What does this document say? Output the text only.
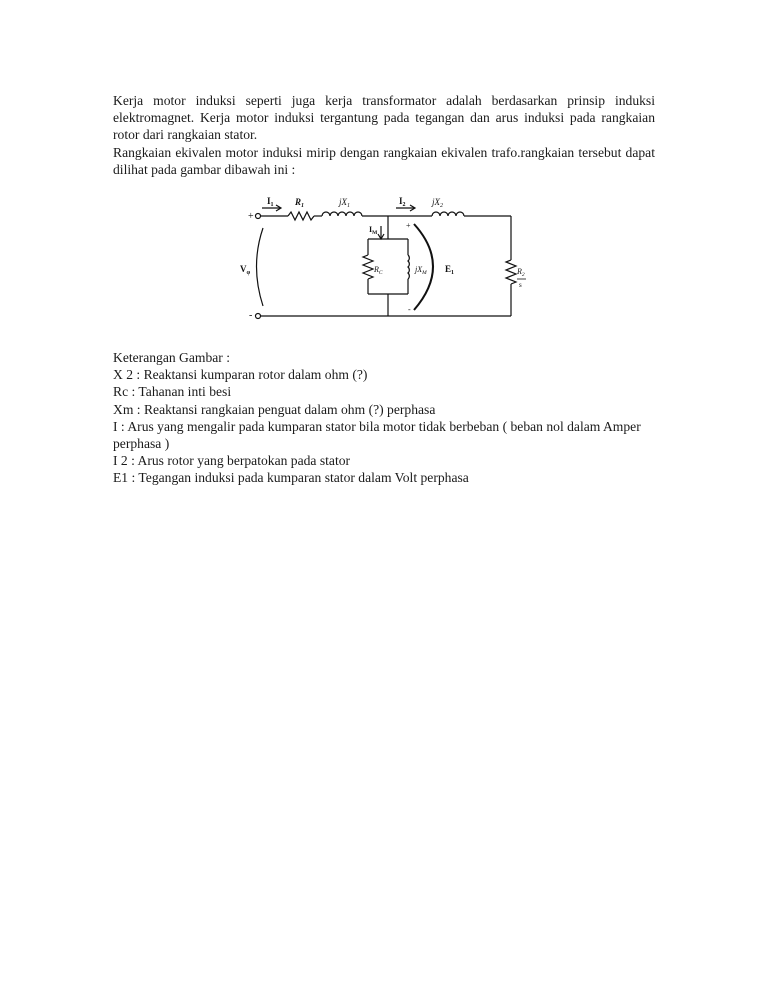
Kerja motor induksi seperti juga kerja transformator adalah berdasarkan prinsip induksi elektromagnet. Kerja motor induksi tergantung pada tegangan dan arus induksi pada rangkaian rotor dari rangkaian stator.
Rangkaian ekivalen motor induksi mirip dengan rangkaian ekivalen trafo.rangkaian tersebut dapat dilihat pada gambar dibawah ini :
$I_1$ $R_1$	$jX_1$	$I_2$	$jX_2$
$I_M$
$R_C$	$jX_M$ $E_1$
$V_\varphi$	$R_2$
s
+
-
+
-
Keterangan Gambar :
X 2 : Reaktansi kumparan rotor dalam ohm (?)
Rc : Tahanan inti besi
Xm : Reaktansi rangkaian penguat dalam ohm (?) perphasa
I : Arus yang mengalir pada kumparan stator bila motor tidak berbeban ( beban nol dalam Amper perphasa )
I 2 : Arus rotor yang berpatokan pada stator
E1 : Tegangan induksi pada kumparan stator dalam Volt perphasa
